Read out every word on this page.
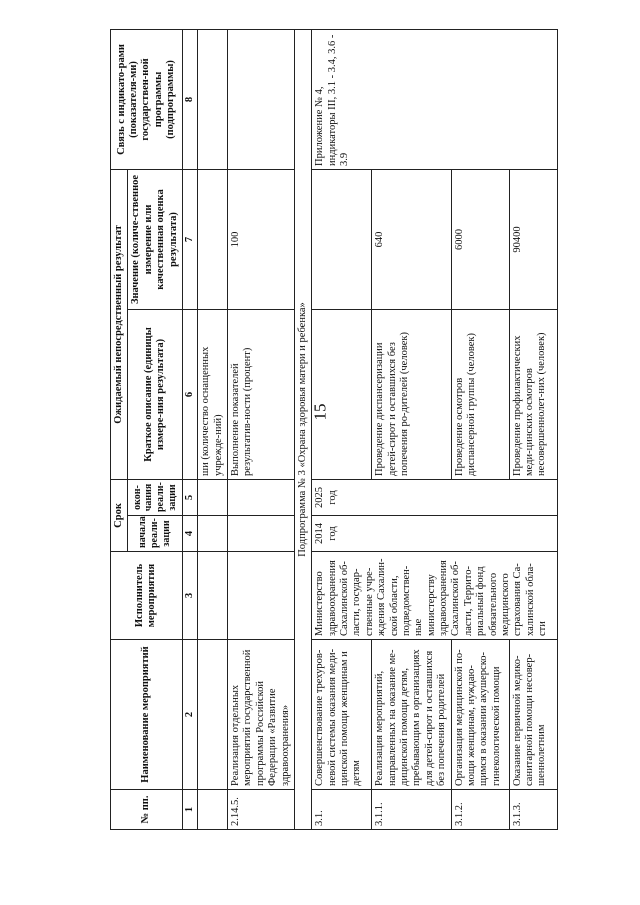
15
№ пп.	Наименование мероприятий	Исполнитель мероприятия	Срок		Ожидаемый непосредственный результат		Связь с индикато-рами (показателя-ми) государствен-ной программы (подпрограммы)
			начала реали-зации	окон-чания реали-зации	Краткое описание (единицы измере-ния результата)	Значение (количе-ственное измерение или качественная оценка результата)	
1	2	3	4	5	6	7	8
					ши (количество оснащенных учрежде-ний)		
2.14.5.	Реализация отдельных мероприятий государственной программы Российской Федерации «Развитие здравоохранения»				Выполнение показателей результатив-ности (процент)	100	
Подпрограмма № 3 «Охрана здоровья матери и ребенка»							
3.1.	Совершенствование трехуров-невой системы оказания меди-цинской помощи женщинам и детям	Министерство здравоохранения Сахалинской об-ласти, государ-ственные учре-ждения Сахалин-ской области, подведомствен-ные министерству здравоохранения Сахалинской об-ласти, Террито-риальный фонд обязательного медицинского страхования Са-халинской обла-сти	2014 год	2025 год			Приложение № 4, индикаторы III, 3.1 - 3.4, 3.6 - 3.9
3.1.1.	Реализация мероприятий, направленных на оказание ме-дицинской помощи детям, пребывающим в организациях для детей-сирот и оставшихся без попечения родителей				Проведение диспансеризации детей-сирот и оставшихся без попечения ро-дителей (человек)	640	
3.1.2.	Организация медицинской по-мощи женщинам, нуждаю-щимся в оказании акушерско-гинекологической помощи				Проведение осмотров диспансерной группы (человек)	6000	
3.1.3.	Оказание первичной медико-санитарной помощи несовер-шеннолетним				Проведение профилактических меди-цинских осмотров несовершеннолет-них (человек)	90400	
